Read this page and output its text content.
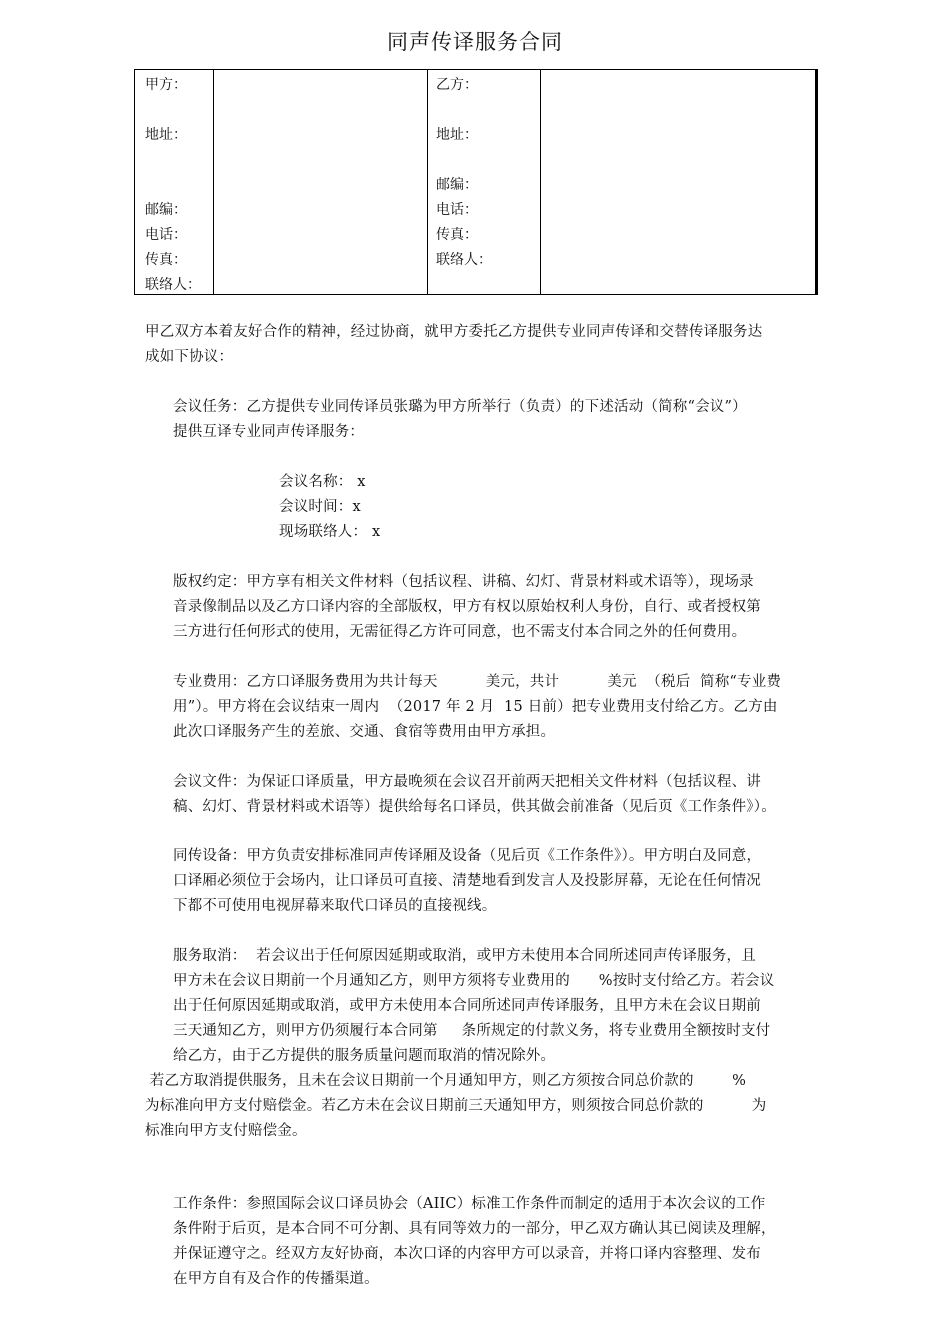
同声传译服务合同
甲方：
地址：
邮编：
电话：
传真：
联络人：
乙方：
地址：
邮编：
电话：
传真：
联络人：
甲乙双方本着友好合作的精神，经过协商，就甲方委托乙方提供专业同声传译和交替传译服务达
成如下协议：
会议任务：乙方提供专业同传译员张璐为甲方所举行（负责）的下述活动（简称“会议”）
提供互译专业同声传译服务：
会议名称： x
会议时间：x
现场联络人： x
版权约定：甲方享有相关文件材料（包括议程、讲稿、幻灯、背景材料或术语等），现场录
音录像制品以及乙方口译内容的全部版权，甲方有权以原始权利人身份，自行、或者授权第
三方进行任何形式的使用，无需征得乙方许可同意，也不需支付本合同之外的任何费用。
专业费用：乙方口译服务费用为共计每天          美元，共计          美元  （税后  简称“专业费
用”）。甲方将在会议结束一周内  （2017 年 2 月  15 日前）把专业费用支付给乙方。乙方由
此次口译服务产生的差旅、交通、食宿等费用由甲方承担。
会议文件：为保证口译质量，甲方最晚须在会议召开前两天把相关文件材料（包括议程、讲
稿、幻灯、背景材料或术语等）提供给每名口译员，供其做会前准备（见后页《工作条件》）。
同传设备：甲方负责安排标准同声传译厢及设备（见后页《工作条件》）。甲方明白及同意，
口译厢必须位于会场内，让口译员可直接、清楚地看到发言人及投影屏幕，无论在任何情况
下都不可使用电视屏幕来取代口译员的直接视线。
服务取消：  若会议出于任何原因延期或取消，或甲方未使用本合同所述同声传译服务，且
甲方未在会议日期前一个月通知乙方，则甲方须将专业费用的      %按时支付给乙方。若会议
出于任何原因延期或取消，或甲方未使用本合同所述同声传译服务，且甲方未在会议日期前
三天通知乙方，则甲方仍须履行本合同第     条所规定的付款义务，将专业费用全额按时支付
给乙方，由于乙方提供的服务质量问题而取消的情况除外。
若乙方取消提供服务，且未在会议日期前一个月通知甲方，则乙方须按合同总价款的        %
为标准向甲方支付赔偿金。若乙方未在会议日期前三天通知甲方，则须按合同总价款的          为
标准向甲方支付赔偿金。
工作条件：参照国际会议口译员协会（AIIC）标准工作条件而制定的适用于本次会议的工作
条件附于后页，是本合同不可分割、具有同等效力的一部分，甲乙双方确认其已阅读及理解，
并保证遵守之。经双方友好协商，本次口译的内容甲方可以录音，并将口译内容整理、发布
在甲方自有及合作的传播渠道。
